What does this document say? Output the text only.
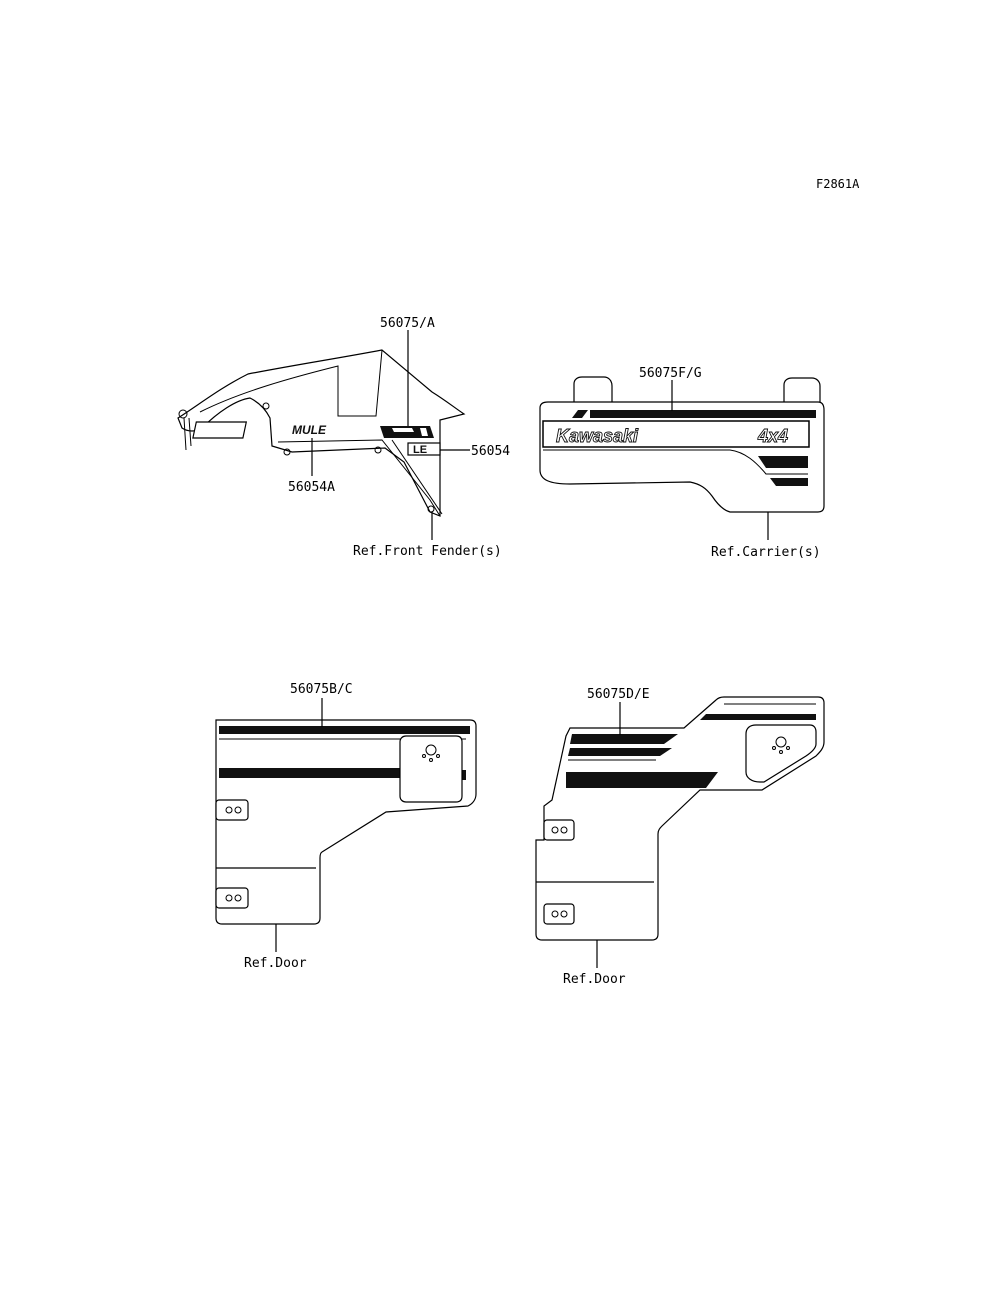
F2861A
MULE
LE
56075/A
56054
56054A
Ref.Front Fender(s)
Kawasaki	4x4
56075F/G
Ref.Carrier(s)
56075B/C
Ref.Door
56075D/E
Ref.Door
